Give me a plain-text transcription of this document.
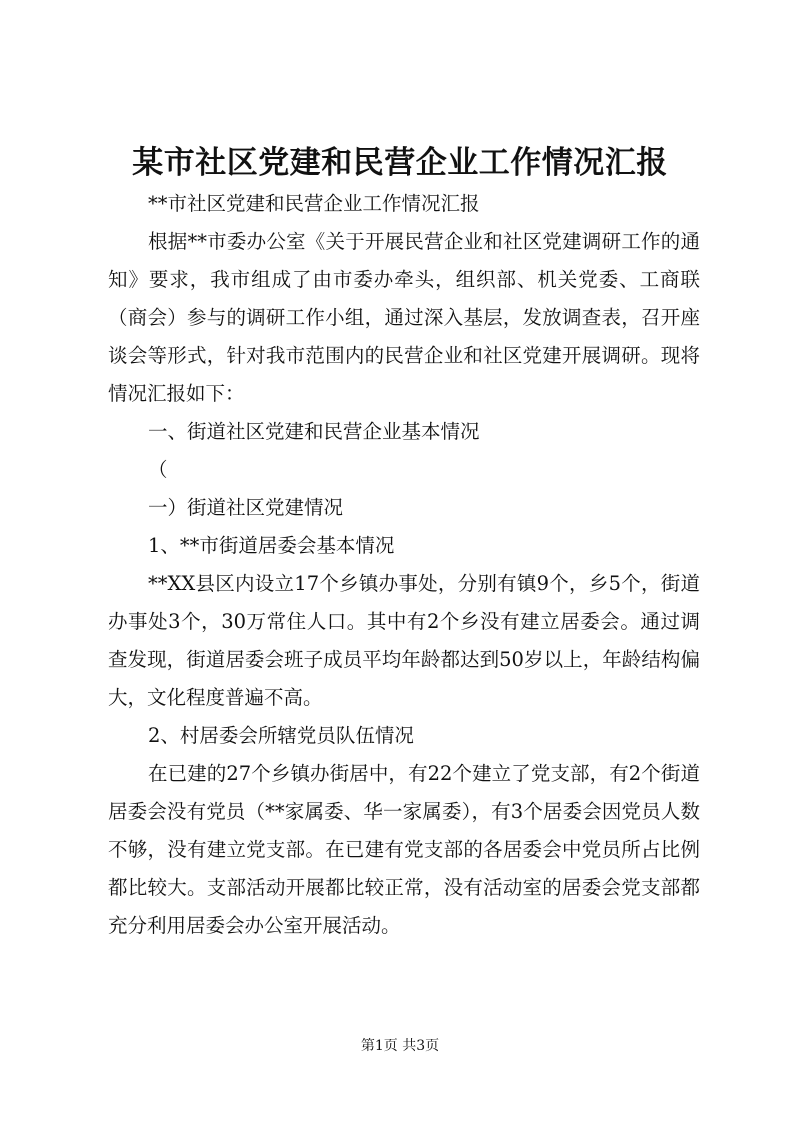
某市社区党建和民营企业工作情况汇报

**市社区党建和民营企业工作情况汇报

根据**市委办公室《关于开展民营企业和社区党建调研工作的通知》要求，我市组成了由市委办牵头，组织部、机关党委、工商联（商会）参与的调研工作小组，通过深入基层，发放调查表，召开座谈会等形式，针对我市范围内的民营企业和社区党建开展调研。现将情况汇报如下：

一、街道社区党建和民营企业基本情况

（

一）街道社区党建情况

1、**市街道居委会基本情况

**XX县区内设立17个乡镇办事处，分别有镇9个，乡5个，街道办事处3个，30万常住人口。其中有2个乡没有建立居委会。通过调查发现，街道居委会班子成员平均年龄都达到50岁以上，年龄结构偏大，文化程度普遍不高。

2、村居委会所辖党员队伍情况

在已建的27个乡镇办街居中，有22个建立了党支部，有2个街道居委会没有党员（**家属委、华一家属委），有3个居委会因党员人数不够，没有建立党支部。在已建有党支部的各居委会中党员所占比例都比较大。支部活动开展都比较正常，没有活动室的居委会党支部都充分利用居委会办公室开展活动。

第1页 共3页
